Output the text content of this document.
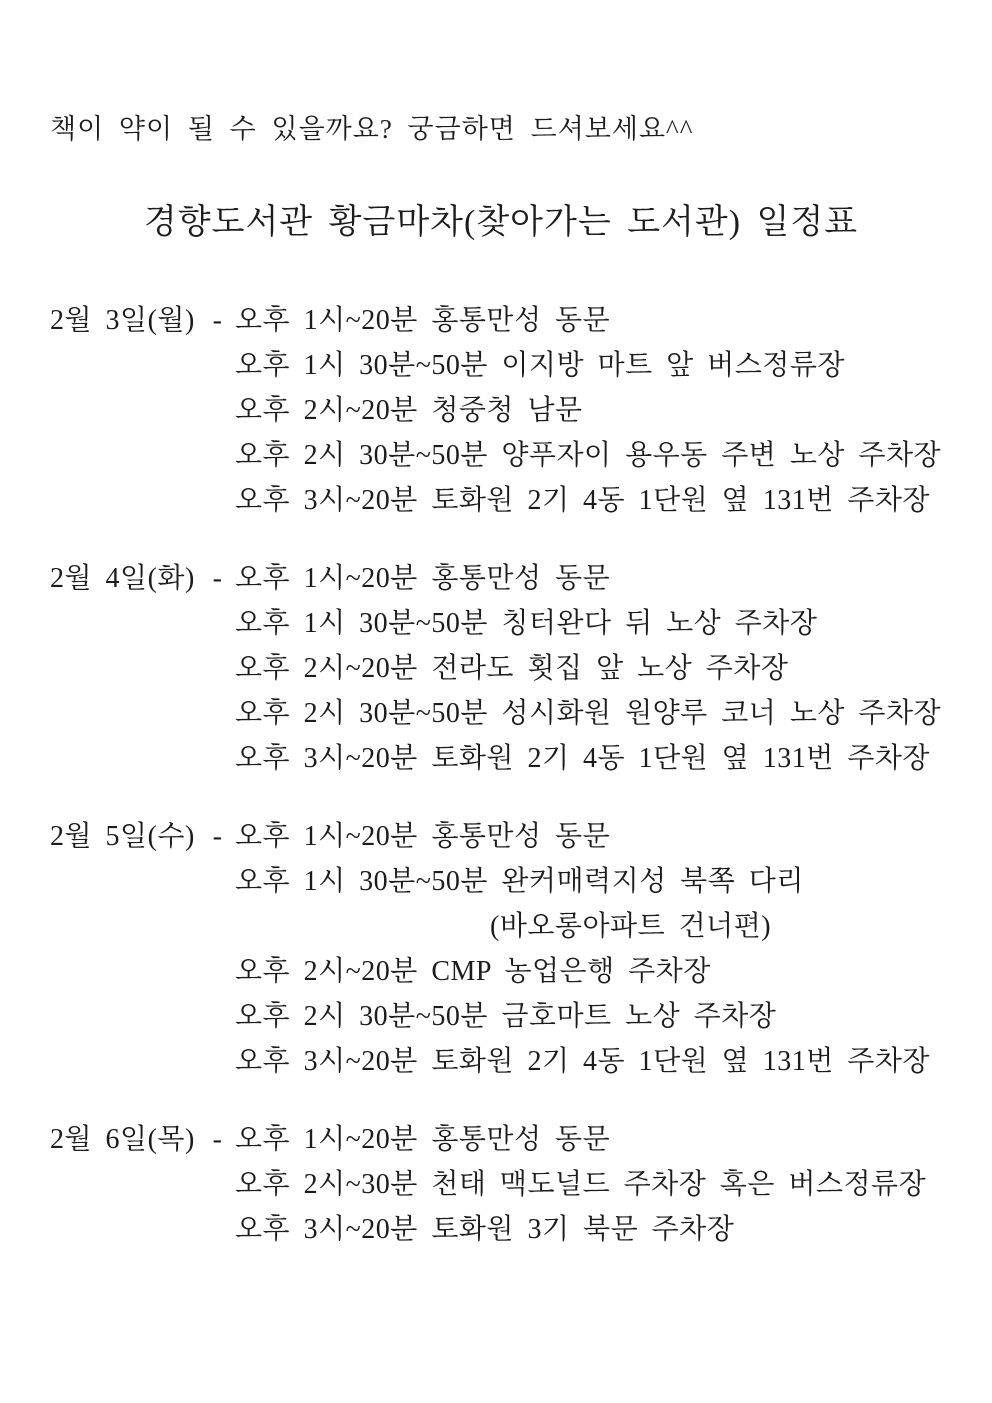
책이 약이 될 수 있을까요? 궁금하면 드셔보세요^^
경향도서관 황금마차(찾아가는 도서관) 일정표
2월 3일(월) - 오후 1시~20분 홍통만성 동문
오후 1시 30분~50분 이지방 마트 앞 버스정류장
오후 2시~20분 청중청 남문
오후 2시 30분~50분 양푸자이 용우동 주변 노상 주차장
오후 3시~20분 토화원 2기 4동 1단원 옆 131번 주차장
2월 4일(화) - 오후 1시~20분 홍통만성 동문
오후 1시 30분~50분 칭터완다 뒤 노상 주차장
오후 2시~20분 전라도 횟집 앞 노상 주차장
오후 2시 30분~50분 성시화원 원양루 코너 노상 주차장
오후 3시~20분 토화원 2기 4동 1단원 옆 131번 주차장
2월 5일(수) - 오후 1시~20분 홍통만성 동문
오후 1시 30분~50분 완커매력지성 북쪽 다리
(바오롱아파트 건너편)
오후 2시~20분 CMP 농업은행 주차장
오후 2시 30분~50분 금호마트 노상 주차장
오후 3시~20분 토화원 2기 4동 1단원 옆 131번 주차장
2월 6일(목) - 오후 1시~20분 홍통만성 동문
오후 2시~30분 천태 맥도널드 주차장 혹은 버스정류장
오후 3시~20분 토화원 3기 북문 주차장
